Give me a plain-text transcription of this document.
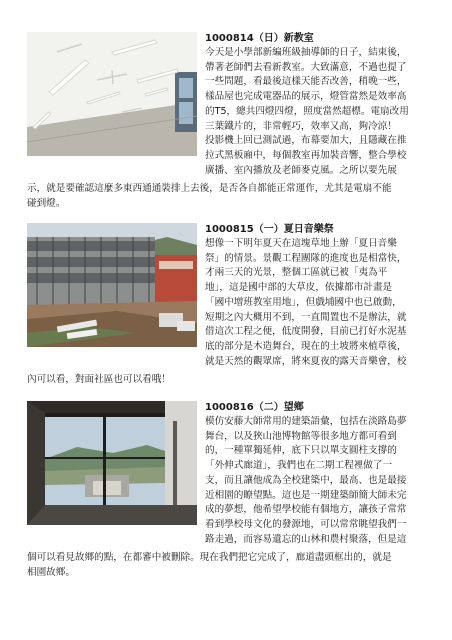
1000814（日）新教室

今天是小學部新編班級抽導師的日子，結束後，

帶著老師們去看新教室。大致滿意，不過也提了

一些問題，看最後這樣天能否改善，稍晚一些，

樣品屋也完成電器品的展示，燈管當然是效率高

的T5，總共四燈四燈，照度當然超標。電扇改用

三葉鐵片的，非常輕巧，效率又高，夠冷涼！

投影機上回已測試過，布幕要加大，且隱藏在推

拉式黑板廂中，每個教室再加裝音響，整合學校

廣播、室內播放及老師麥克風。之所以要先展

示，就是要確認這麼多東西通通裝排上去後，是否各自都能正常運作，尤其是電扇不能

碰到燈。

1000815（一）夏日音樂祭

想像一下明年夏天在這塊草地上辦「夏日音樂

祭」的情景。景觀工程團隊的進度也是相當快，

才兩三天的光景，整個工區就已被「夷為平

地」，這是國中部的大草皮，依據都市計畫是

「國中增班教室用地」，但戲埔國中也已啟動，

短期之內大概用不到，一直閒置也不是辦法，就

借這次工程之便，低度開發，目前已打好水泥基

底的部分是木造舞台，現在的土坡將來植草後，

就是天然的觀眾席，將來夏夜的露天音樂會，校

內可以看，對面社區也可以看哦！

1000816（二）望鄉

模仿安藤大師常用的建築語彙，包括在淡路島夢

舞台，以及狹山池博物館等很多地方都可看到

的，一種單獨延伸，底下只以單支圓柱支撐的

「外伸式廊道」，我們也在二期工程裡做了一

支，而且讓他成為全校建築中，最高、也是最接

近相園的瞭望點。這也是一期建築師簡大師未完

成的夢想，他希望學校能有個地方，讓孩子常常

看到學校母文化的發源地，可以常常眺望我們一

路走過，而容易遺忘的山林和農村聚落，但是這

個可以看見故鄉的點，在都審中被刪除。現在我們把它完成了，廊道盡頭框出的，就是

相園故鄉。
